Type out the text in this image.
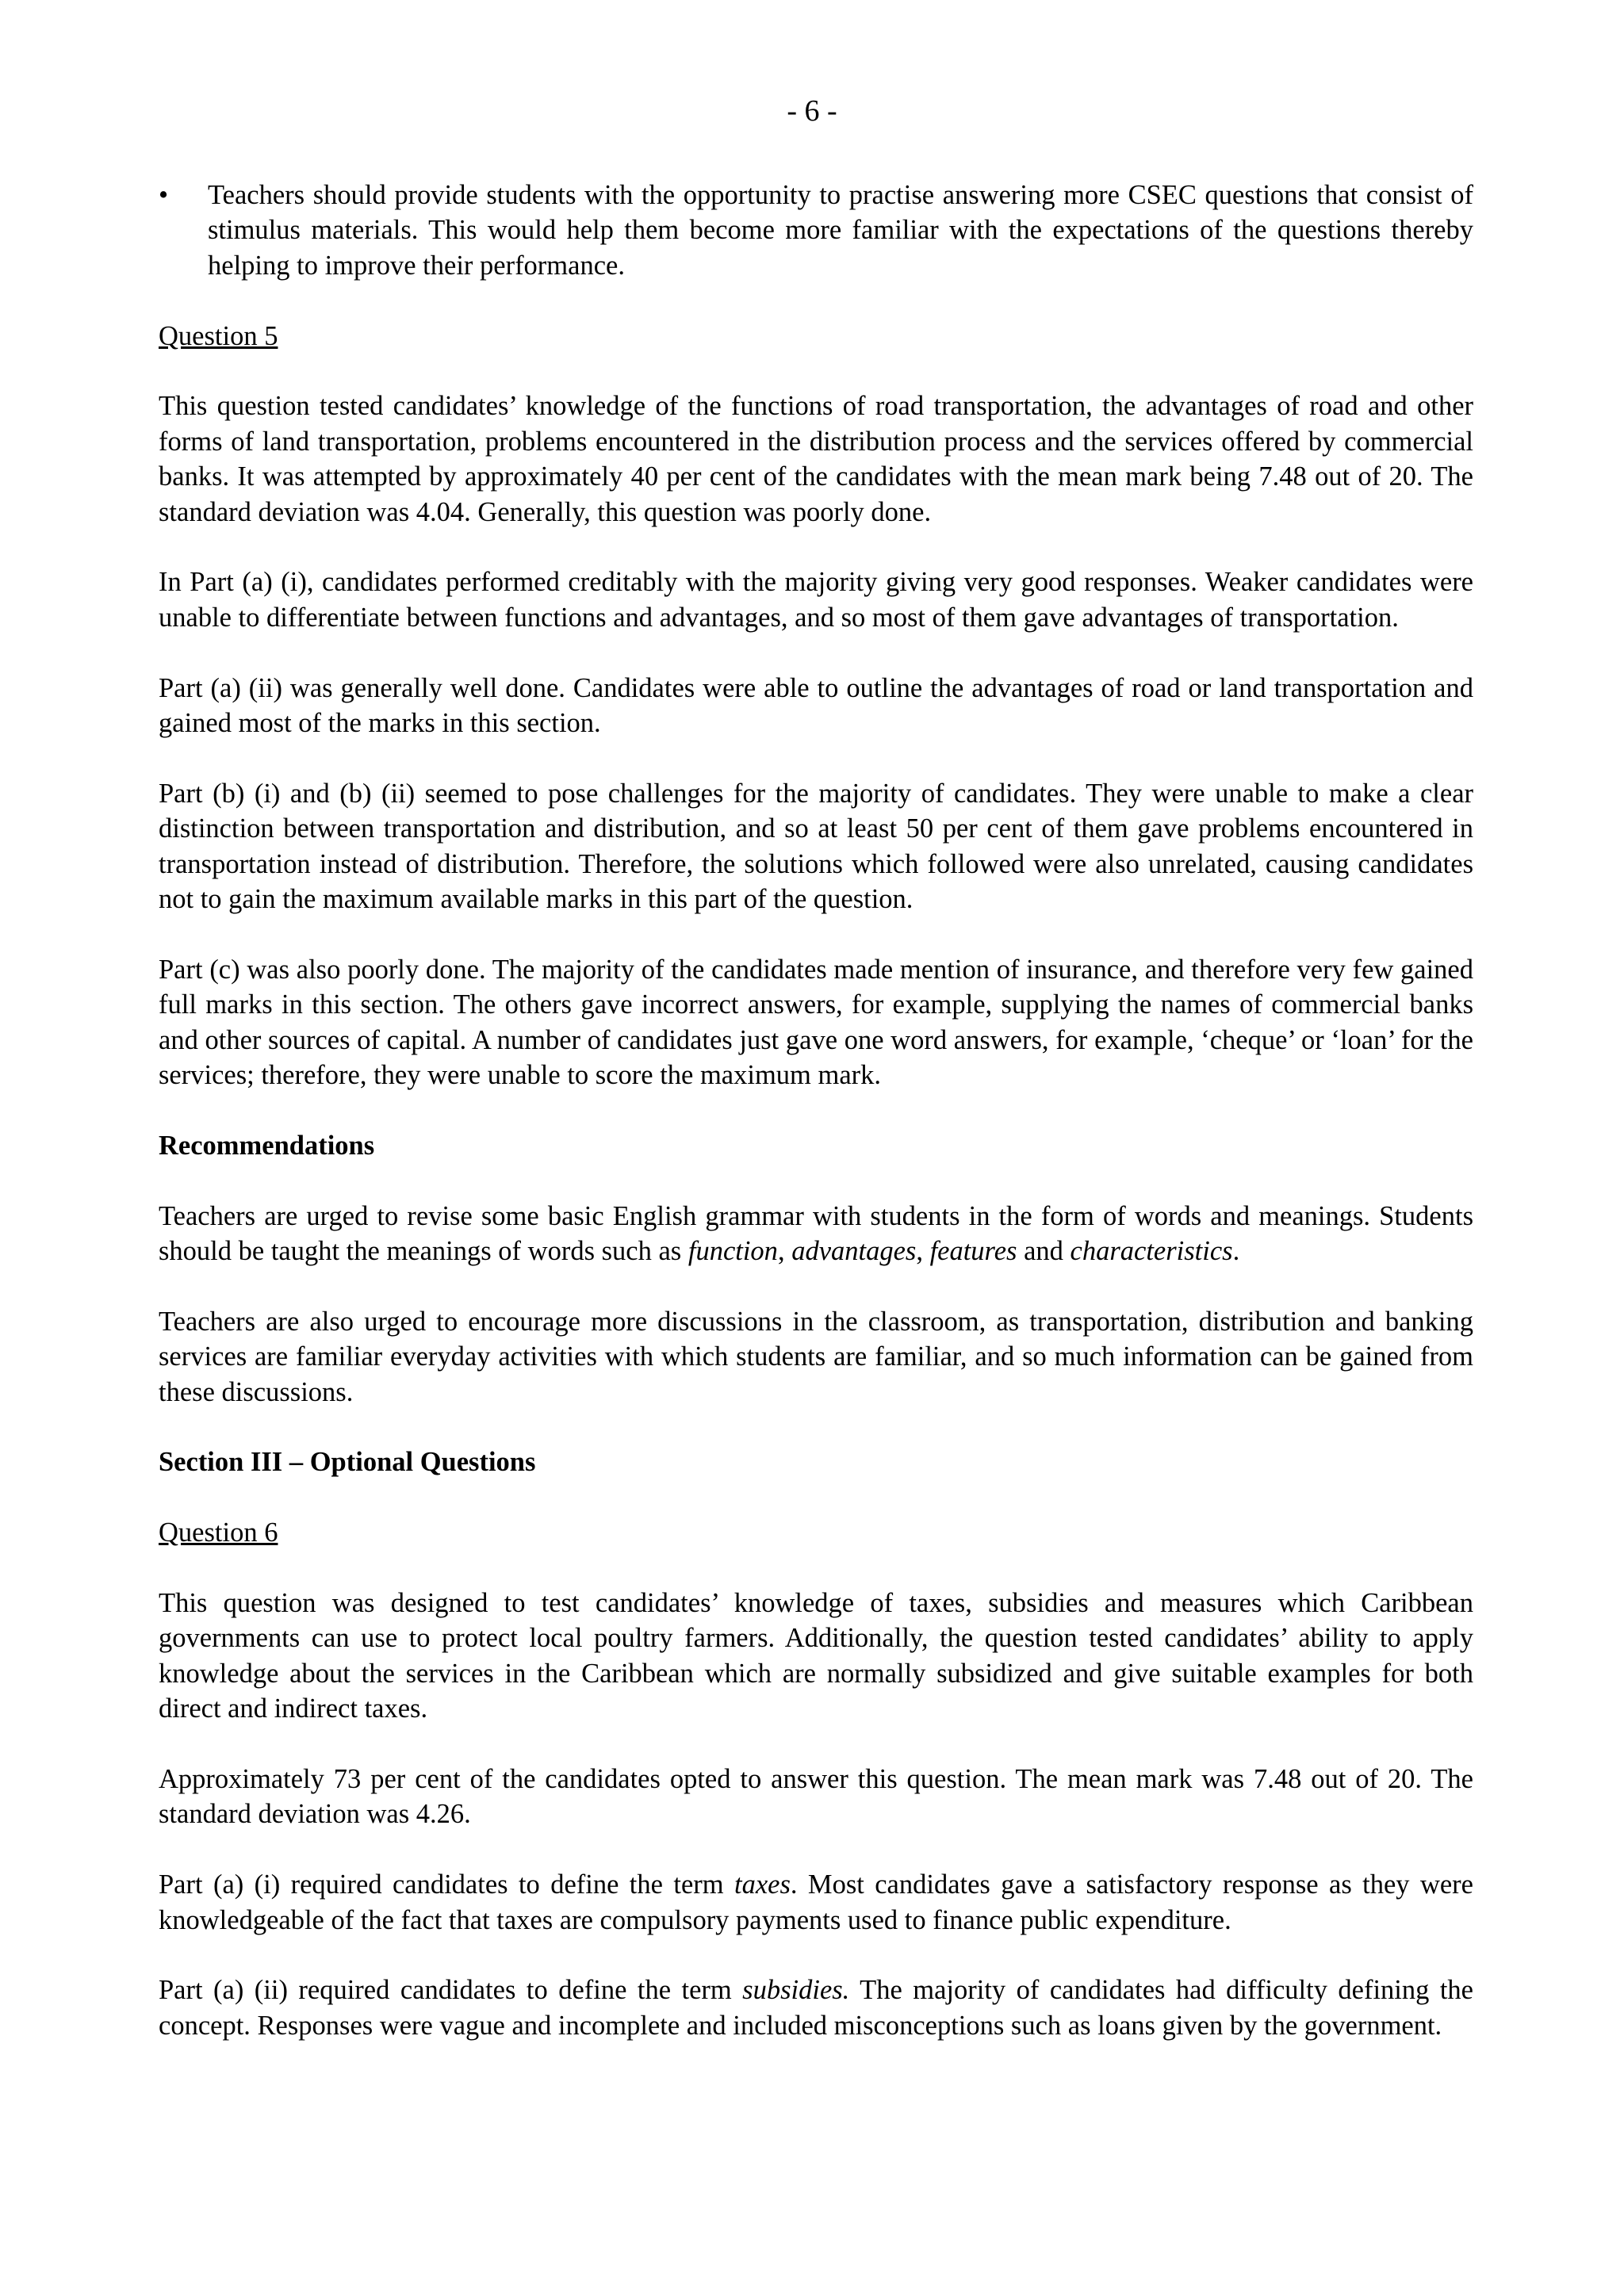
- 6 -
•	Teachers should provide students with the opportunity to practise answering more CSEC questions that consist of stimulus materials. This would help them become more familiar with the expectations of the questions thereby helping to improve their performance.

Question 5

This question tested candidates’ knowledge of the functions of road transportation, the advantages of road and other forms of land transportation, problems encountered in the distribution process and the services offered by commercial banks. It was attempted by approximately 40 per cent of the candidates with the mean mark being 7.48 out of 20. The standard deviation was 4.04. Generally, this question was poorly done.

In Part (a) (i), candidates performed creditably with the majority giving very good responses. Weaker candidates were unable to differentiate between functions and advantages, and so most of them gave advantages of transportation.

Part (a) (ii) was generally well done. Candidates were able to outline the advantages of road or land transportation and gained most of the marks in this section.

Part (b) (i) and (b) (ii) seemed to pose challenges for the majority of candidates. They were unable to make a clear distinction between transportation and distribution, and so at least 50 per cent of them gave problems encountered in transportation instead of distribution. Therefore, the solutions which followed were also unrelated, causing candidates not to gain the maximum available marks in this part of the question.

Part (c) was also poorly done. The majority of the candidates made mention of insurance, and therefore very few gained full marks in this section. The others gave incorrect answers, for example, supplying the names of commercial banks and other sources of capital. A number of candidates just gave one word answers, for example, ‘cheque’ or ‘loan’ for the services; therefore, they were unable to score the maximum mark.

Recommendations

Teachers are urged to revise some basic English grammar with students in the form of words and meanings. Students should be taught the meanings of words such as function, advantages, features and characteristics.

Teachers are also urged to encourage more discussions in the classroom, as transportation, distribution and banking services are familiar everyday activities with which students are familiar, and so much information can be gained from these discussions.

Section III – Optional Questions

Question 6

This question was designed to test candidates’ knowledge of taxes, subsidies and measures which Caribbean governments can use to protect local poultry farmers. Additionally, the question tested candidates’ ability to apply knowledge about the services in the Caribbean which are normally subsidized and give suitable examples for both direct and indirect taxes.

Approximately 73 per cent of the candidates opted to answer this question. The mean mark was 7.48 out of 20. The standard deviation was 4.26.

Part (a) (i) required candidates to define the term taxes. Most candidates gave a satisfactory response as they were knowledgeable of the fact that taxes are compulsory payments used to finance public expenditure.

Part (a) (ii) required candidates to define the term subsidies. The majority of candidates had difficulty defining the concept. Responses were vague and incomplete and included misconceptions such as loans given by the government.
